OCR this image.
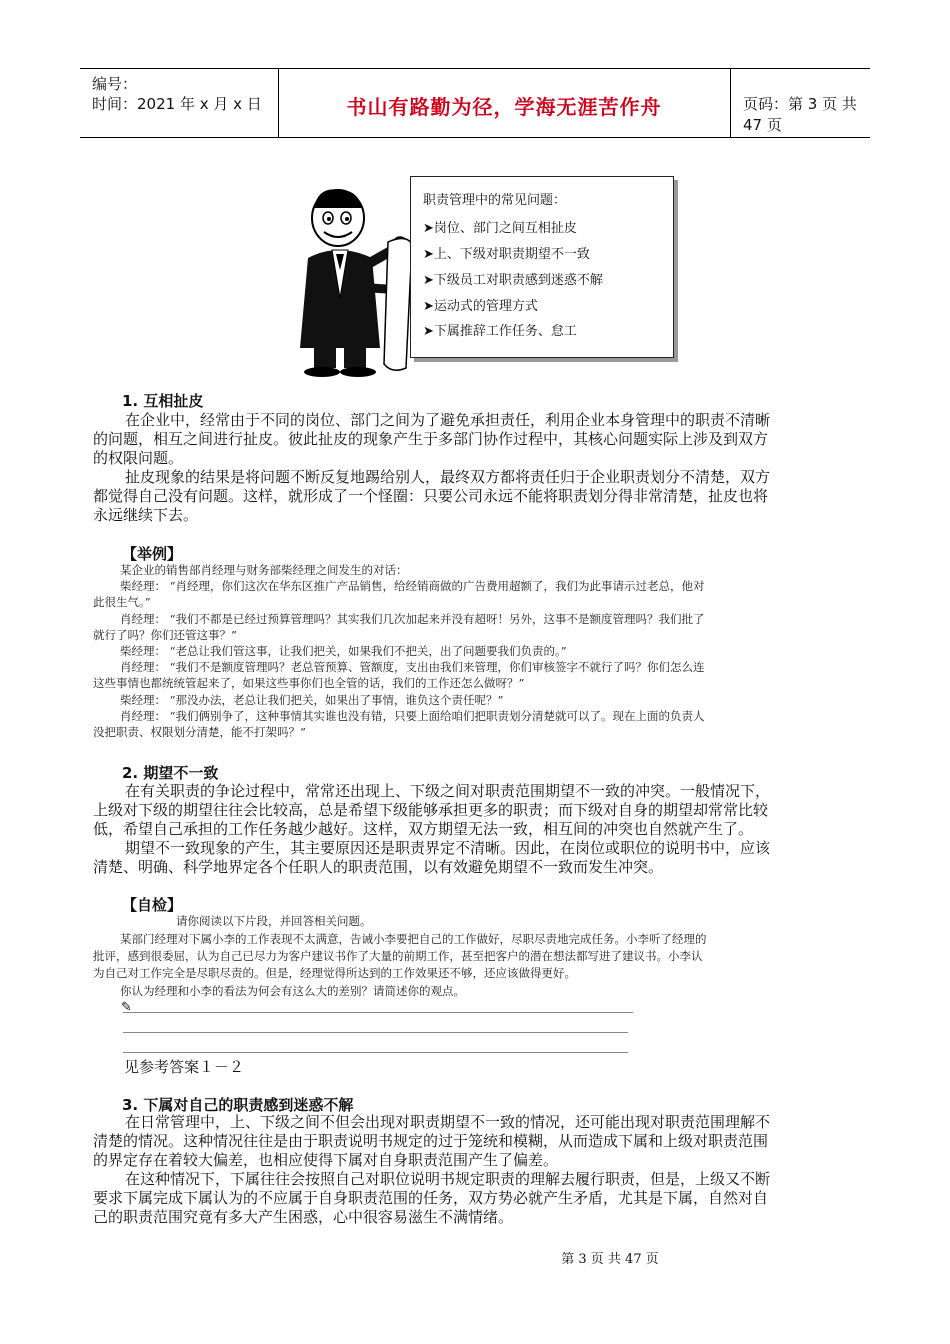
编号：
时间：2021 年 x 月 x 日	书山有路勤为径，学海无涯苦作舟	页码：第 3 页 共 47 页
职责管理中的常见问题：
➤岗位、部门之间互相扯皮
➤上、下级对职责期望不一致
➤下级员工对职责感到迷惑不解
➤运动式的管理方式
➤下属推辞工作任务、怠工
1. 互相扯皮
在企业中，经常由于不同的岗位、部门之间为了避免承担责任，利用企业本身管理中的职责不清晰
的问题，相互之间进行扯皮。彼此扯皮的现象产生于多部门协作过程中，其核心问题实际上涉及到双方
的权限问题。
扯皮现象的结果是将问题不断反复地踢给别人，最终双方都将责任归于企业职责划分不清楚，双方
都觉得自己没有问题。这样，就形成了一个怪圈：只要公司永远不能将职责划分得非常清楚，扯皮也将
永远继续下去。
【举例】
某企业的销售部肖经理与财务部柴经理之间发生的对话：
柴经理： “肖经理，你们这次在华东区推广产品销售，给经销商做的广告费用超额了，我们为此事请示过老总，他对
此很生气。”
肖经理： “我们不都是已经过预算管理吗？其实我们几次加起来并没有超呀！另外，这事不是额度管理吗？我们批了
就行了吗？你们还管这事？”
柴经理： “老总让我们管这事，让我们把关，如果我们不把关，出了问题要我们负责的。”
肖经理： “我们不是额度管理吗？老总管预算、管额度，支出由我们来管理，你们审核签字不就行了吗？你们怎么连
这些事情也都统统管起来了，如果这些事你们也全管的话，我们的工作还怎么做呀？”
柴经理： “那没办法，老总让我们把关，如果出了事情，谁负这个责任呢？”
肖经理： “我们俩别争了，这种事情其实谁也没有错，只要上面给咱们把职责划分清楚就可以了。现在上面的负责人
没把职责、权限划分清楚，能不打架吗？”
2. 期望不一致
在有关职责的争论过程中，常常还出现上、下级之间对职责范围期望不一致的冲突。一般情况下，
上级对下级的期望往往会比较高，总是希望下级能够承担更多的职责；而下级对自身的期望却常常比较
低，希望自己承担的工作任务越少越好。这样，双方期望无法一致，相互间的冲突也自然就产生了。
期望不一致现象的产生，其主要原因还是职责界定不清晰。因此，在岗位或职位的说明书中，应该
清楚、明确、科学地界定各个任职人的职责范围，以有效避免期望不一致而发生冲突。
【自检】
请你阅读以下片段，并回答相关问题。
某部门经理对下属小李的工作表现不太满意，告诫小李要把自己的工作做好，尽职尽责地完成任务。小李听了经理的
批评，感到很委屈，认为自己已尽力为客户建议书作了大量的前期工作，甚至把客户的潜在想法都写进了建议书。小李认
为自己对工作完全是尽职尽责的。但是，经理觉得所达到的工作效果还不够，还应该做得更好。
你认为经理和小李的看法为何会有这么大的差别？请简述你的观点。
✎
见参考答案１－２
3. 下属对自己的职责感到迷惑不解
在日常管理中，上、下级之间不但会出现对职责期望不一致的情况，还可能出现对职责范围理解不
清楚的情况。这种情况往往是由于职责说明书规定的过于笼统和模糊，从而造成下属和上级对职责范围
的界定存在着较大偏差，也相应使得下属对自身职责范围产生了偏差。
在这种情况下，下属往往会按照自己对职位说明书规定职责的理解去履行职责，但是，上级又不断
要求下属完成下属认为的不应属于自身职责范围的任务，双方势必就产生矛盾，尤其是下属，自然对自
己的职责范围究竟有多大产生困惑，心中很容易滋生不满情绪。
第 3 页 共 47 页
